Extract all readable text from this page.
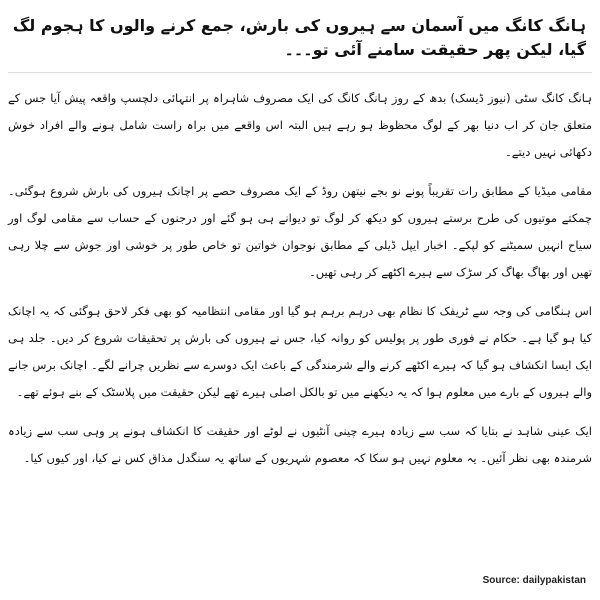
ہانگ کانگ میں آسمان سے ہیروں کی بارش، جمع کرنے والوں کا ہجوم لگ گیا، لیکن پھر حقیقت سامنے آئی تو۔۔۔

ہانگ کانگ سٹی (نیوز ڈیسک) بدھ کے روز ہانگ کانگ کی ایک مصروف شاہراہ پر انتہائی دلچسپ واقعہ پیش آیا جس کے متعلق جان کر اب دنیا بھر کے لوگ محظوظ ہو رہے ہیں البتہ اس واقعے میں براہ راست شامل ہونے والے افراد خوش دکھائی نہیں دیتے۔

مقامی میڈیا کے مطابق رات تقریباً پونے نو بجے نیتھن روڈ کے ایک مصروف حصے پر اچانک ہیروں کی بارش شروع ہوگئی۔ چمکتے موتیوں کی طرح برستے ہیروں کو دیکھ کر لوگ تو دیوانے ہی ہو گئے اور درجنوں کے حساب سے مقامی لوگ اور سیاح انہیں سمیٹنے کو لپکے۔ اخبار ایپل ڈیلی کے مطابق نوجوان خواتین تو خاص طور پر خوشی اور جوش سے چلا رہی تھیں اور بھاگ بھاگ کر سڑک سے ہیرے اکٹھے کر رہی تھیں۔

اس ہنگامی کی وجہ سے ٹریفک کا نظام بھی درہم برہم ہو گیا اور مقامی انتظامیہ کو بھی فکر لاحق ہوگئی کہ یہ اچانک کیا ہو گیا ہے۔ حکام نے فوری طور پر پولیس کو روانہ کیا، جس نے ہیروں کی بارش پر تحقیقات شروع کر دیں۔ جلد ہی ایک ایسا انکشاف ہو گیا کہ ہیرے اکٹھے کرنے والے شرمندگی کے باعث ایک دوسرے سے نظریں چرانے لگے۔ اچانک برس جانے والے ہیروں کے بارے میں معلوم ہوا کہ یہ دیکھنے میں تو بالکل اصلی ہیرے تھے لیکن حقیقت میں پلاسٹک کے بنے ہوئے تھے۔

ایک عینی شاہد نے بتایا کہ سب سے زیادہ ہیرے چینی آنٹیوں نے لوٹے اور حقیقت کا انکشاف ہونے پر وہی سب سے زیادہ شرمندہ بھی نظر آئیں۔ یہ معلوم نہیں ہو سکا کہ معصوم شہریوں کے ساتھ یہ سنگدل مذاق کس نے کیا، اور کیوں کیا۔

Source: dailypakistan
